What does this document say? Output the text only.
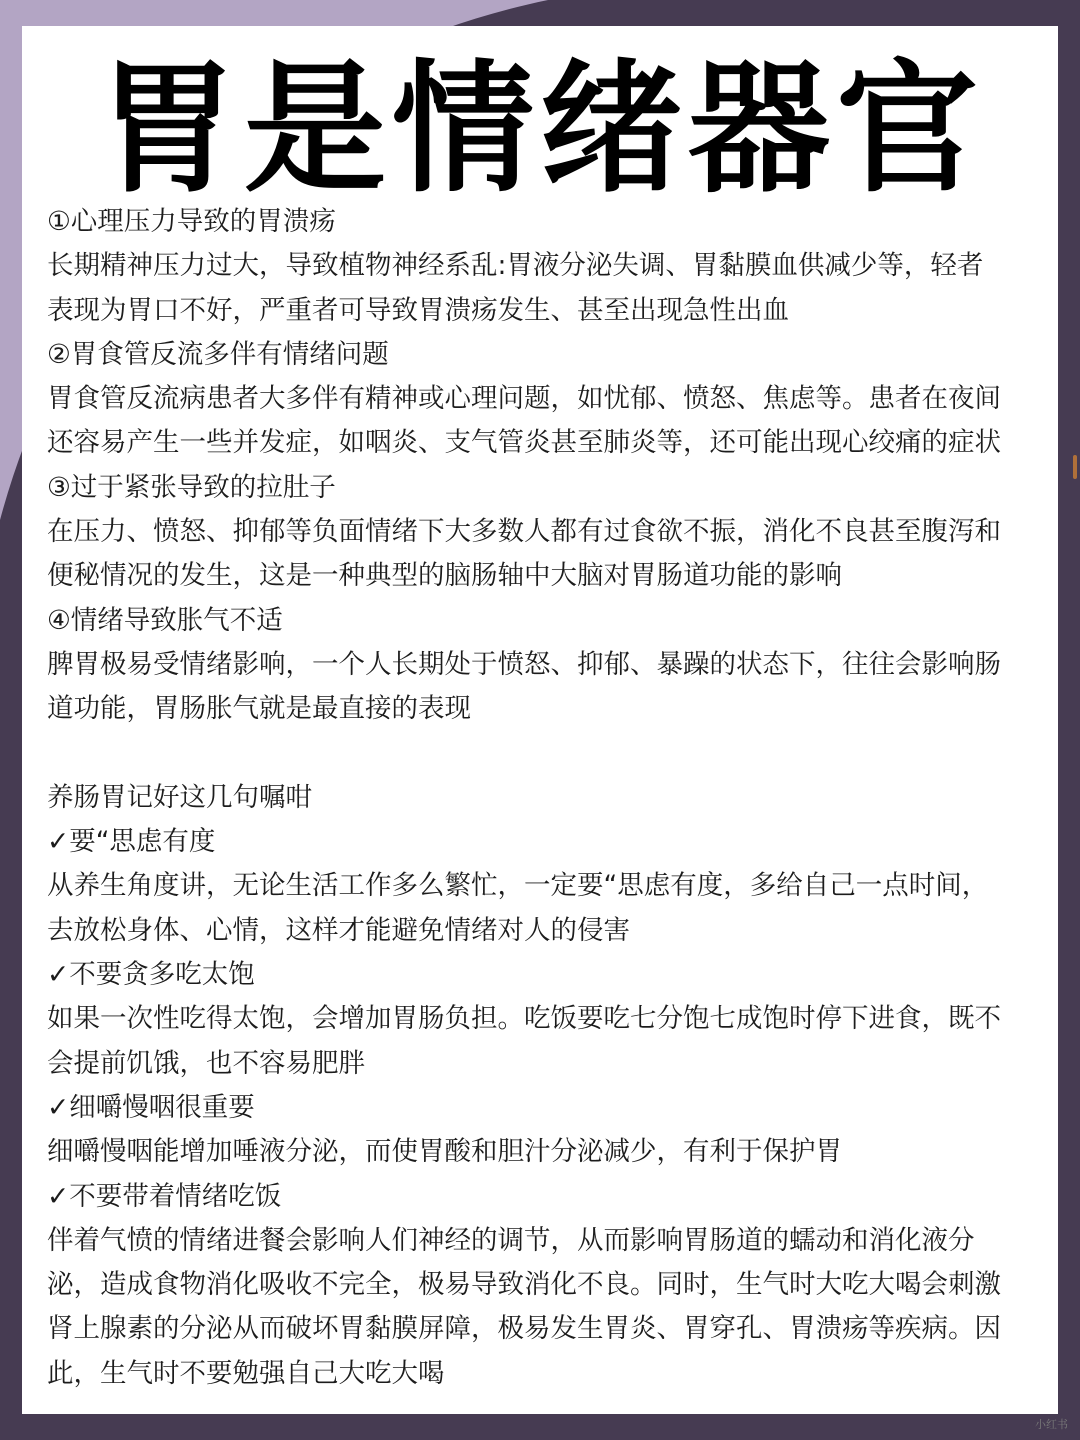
胃是情绪器官
①心理压力导致的胃溃疡
长期精神压力过大，导致植物神经系乱:胃液分泌失调、胃黏膜血供减少等，轻者
表现为胃口不好，严重者可导致胃溃疡发生、甚至出现急性出血
②胃食管反流多伴有情绪问题
胃食管反流病患者大多伴有精神或心理问题，如忧郁、愤怒、焦虑等。患者在夜间
还容易产生一些并发症，如咽炎、支气管炎甚至肺炎等，还可能出现心绞痛的症状
③过于紧张导致的拉肚子
在压力、愤怒、抑郁等负面情绪下大多数人都有过食欲不振，消化不良甚至腹泻和
便秘情况的发生，这是一种典型的脑肠轴中大脑对胃肠道功能的影响
④情绪导致胀气不适
脾胃极易受情绪影响，一个人长期处于愤怒、抑郁、暴躁的状态下，往往会影响肠
道功能，胃肠胀气就是最直接的表现
养肠胃记好这几句嘱咁
✓要“思虑有度
从养生角度讲，无论生活工作多么繁忙，一定要“思虑有度，多给自己一点时间，
去放松身体、心情，这样才能避免情绪对人的侵害
✓不要贪多吃太饱
如果一次性吃得太饱，会增加胃肠负担。吃饭要吃七分饱七成饱时停下进食，既不
会提前饥饿，也不容易肥胖
✓细嚼慢咽很重要
细嚼慢咽能增加唾液分泌，而使胃酸和胆汁分泌减少，有利于保护胃
✓不要带着情绪吃饭
伴着气愤的情绪进餐会影响人们神经的调节，从而影响胃肠道的蠕动和消化液分
泌，造成食物消化吸收不完全，极易导致消化不良。同时，生气时大吃大喝会刺激
肾上腺素的分泌从而破坏胃黏膜屏障，极易发生胃炎、胃穿孔、胃溃疡等疾病。因
此，生气时不要勉强自己大吃大喝
小红书
